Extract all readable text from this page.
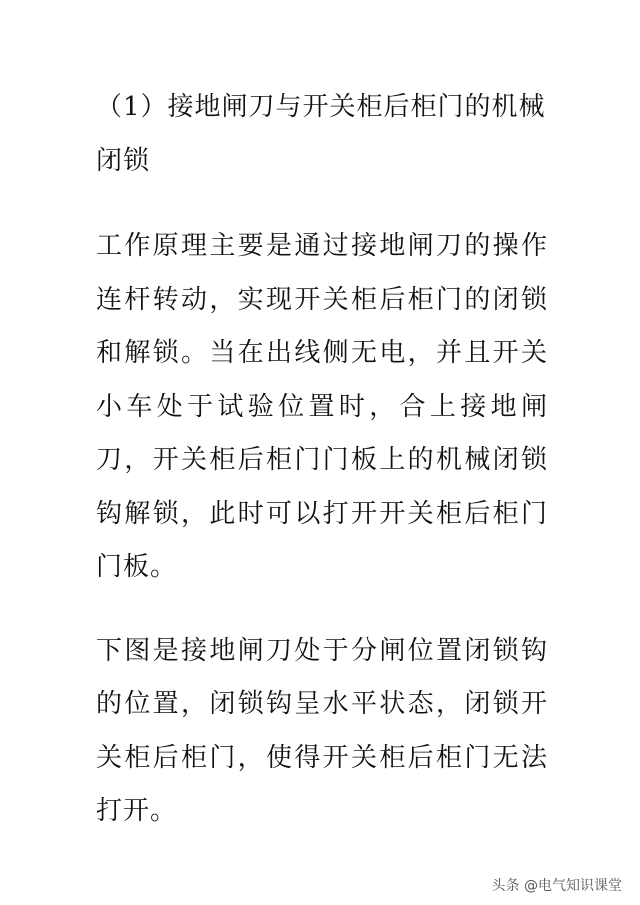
（1）接地闸刀与开关柜后柜门的机械闭锁

工作原理主要是通过接地闸刀的操作连杆转动，实现开关柜后柜门的闭锁和解锁。当在出线侧无电，并且开关小车处于试验位置时，合上接地闸刀，开关柜后柜门门板上的机械闭锁钩解锁，此时可以打开开关柜后柜门门板。

下图是接地闸刀处于分闸位置闭锁钩的位置，闭锁钩呈水平状态，闭锁开关柜后柜门，使得开关柜后柜门无法打开。

头条 @电气知识课堂
